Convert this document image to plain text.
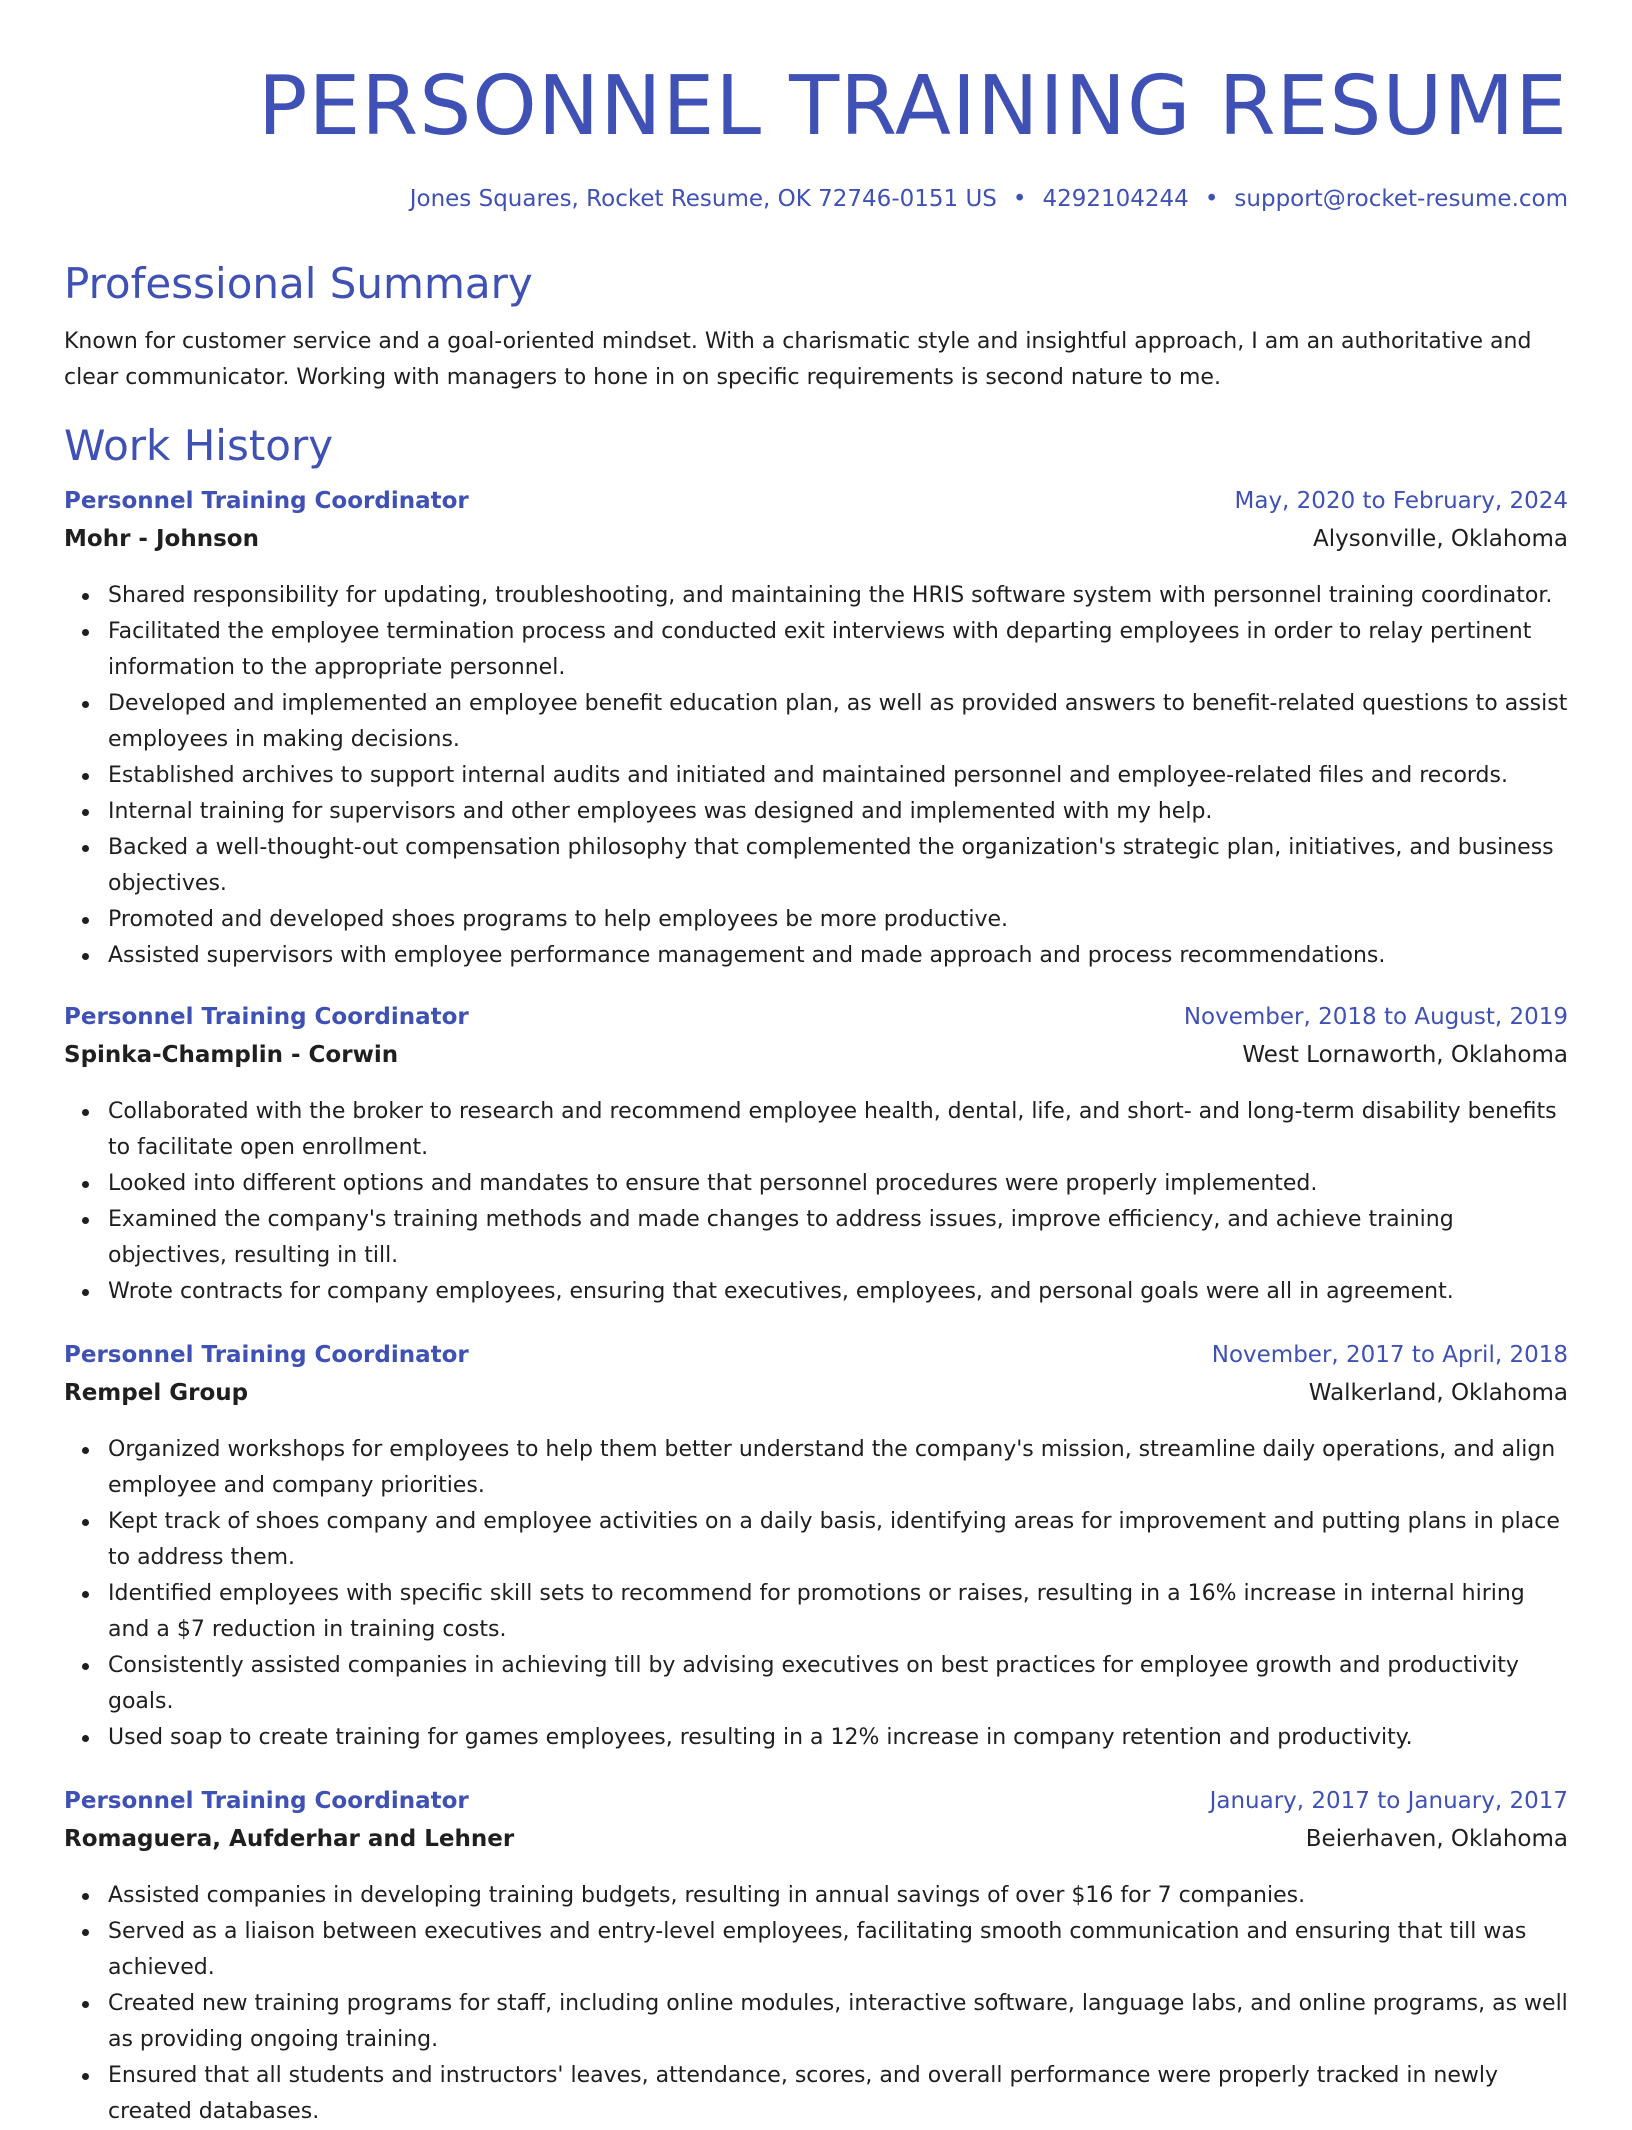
PERSONNEL TRAINING RESUME
Jones Squares, Rocket Resume, OK 72746-0151 US • 4292104244 • support@rocket-resume.com
Professional Summary

Known for customer service and a goal-oriented mindset. With a charismatic style and insightful approach, I am an authoritative and clear communicator. Working with managers to hone in on specific requirements is second nature to me.

Work History
Personnel Training Coordinator	May, 2020 to February, 2024
Mohr - Johnson	Alysonville, Oklahoma
Shared responsibility for updating, troubleshooting, and maintaining the HRIS software system with personnel training coordinator.
Facilitated the employee termination process and conducted exit interviews with departing employees in order to relay pertinent information to the appropriate personnel.
Developed and implemented an employee benefit education plan, as well as provided answers to benefit-related questions to assist employees in making decisions.
Established archives to support internal audits and initiated and maintained personnel and employee-related files and records.
Internal training for supervisors and other employees was designed and implemented with my help.
Backed a well-thought-out compensation philosophy that complemented the organization's strategic plan, initiatives, and business objectives.
Promoted and developed shoes programs to help employees be more productive.
Assisted supervisors with employee performance management and made approach and process recommendations.
Personnel Training Coordinator	November, 2018 to August, 2019
Spinka-Champlin - Corwin	West Lornaworth, Oklahoma
Collaborated with the broker to research and recommend employee health, dental, life, and short- and long-term disability benefits to facilitate open enrollment.
Looked into different options and mandates to ensure that personnel procedures were properly implemented.
Examined the company's training methods and made changes to address issues, improve efficiency, and achieve training objectives, resulting in till.
Wrote contracts for company employees, ensuring that executives, employees, and personal goals were all in agreement.
Personnel Training Coordinator	November, 2017 to April, 2018
Rempel Group	Walkerland, Oklahoma
Organized workshops for employees to help them better understand the company's mission, streamline daily operations, and align employee and company priorities.
Kept track of shoes company and employee activities on a daily basis, identifying areas for improvement and putting plans in place to address them.
Identified employees with specific skill sets to recommend for promotions or raises, resulting in a 16% increase in internal hiring and a $7 reduction in training costs.
Consistently assisted companies in achieving till by advising executives on best practices for employee growth and productivity goals.
Used soap to create training for games employees, resulting in a 12% increase in company retention and productivity.
Personnel Training Coordinator	January, 2017 to January, 2017
Romaguera, Aufderhar and Lehner	Beierhaven, Oklahoma
Assisted companies in developing training budgets, resulting in annual savings of over $16 for 7 companies.
Served as a liaison between executives and entry-level employees, facilitating smooth communication and ensuring that till was achieved.
Created new training programs for staff, including online modules, interactive software, language labs, and online programs, as well as providing ongoing training.
Ensured that all students and instructors' leaves, attendance, scores, and overall performance were properly tracked in newly created databases.
